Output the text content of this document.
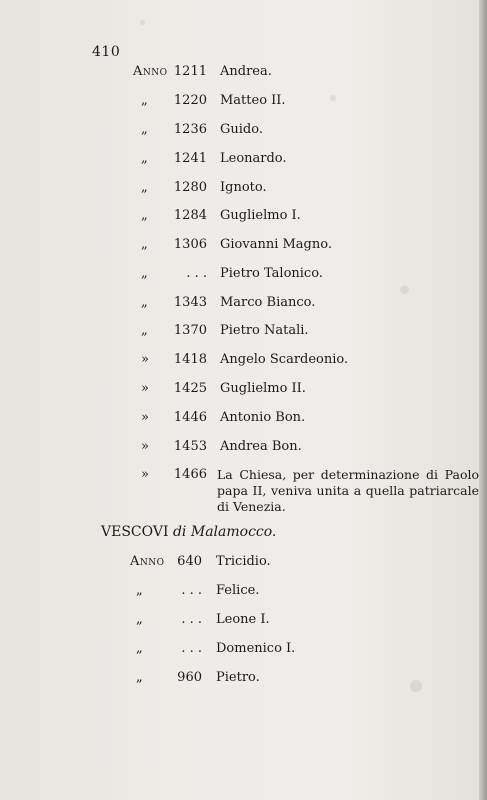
410
Anno 1211 Andrea.
„	1220 Matteo II.
„	1236 Guido.
„	1241 Leonardo.
„	1280 Ignoto.
„	1284 Guglielmo I.
„	1306 Giovanni Magno.
„	. . . Pietro Talonico.
„	1343 Marco Bianco.
„	1370 Pietro Natali.
»	1418 Angelo Scardeonio.
»	1425 Guglielmo II.
»	1446 Antonio Bon.
»	1453 Andrea Bon.
»	1466 La Chiesa, per determinazione di Paolo papa II, veniva unita a quella patriarcale di Venezia.
VESCOVI di Malamocco.
Anno 640 Tricidio.
„	. . . Felice.
„	. . . Leone I.
„	. . . Domenico I.
„	960 Pietro.
